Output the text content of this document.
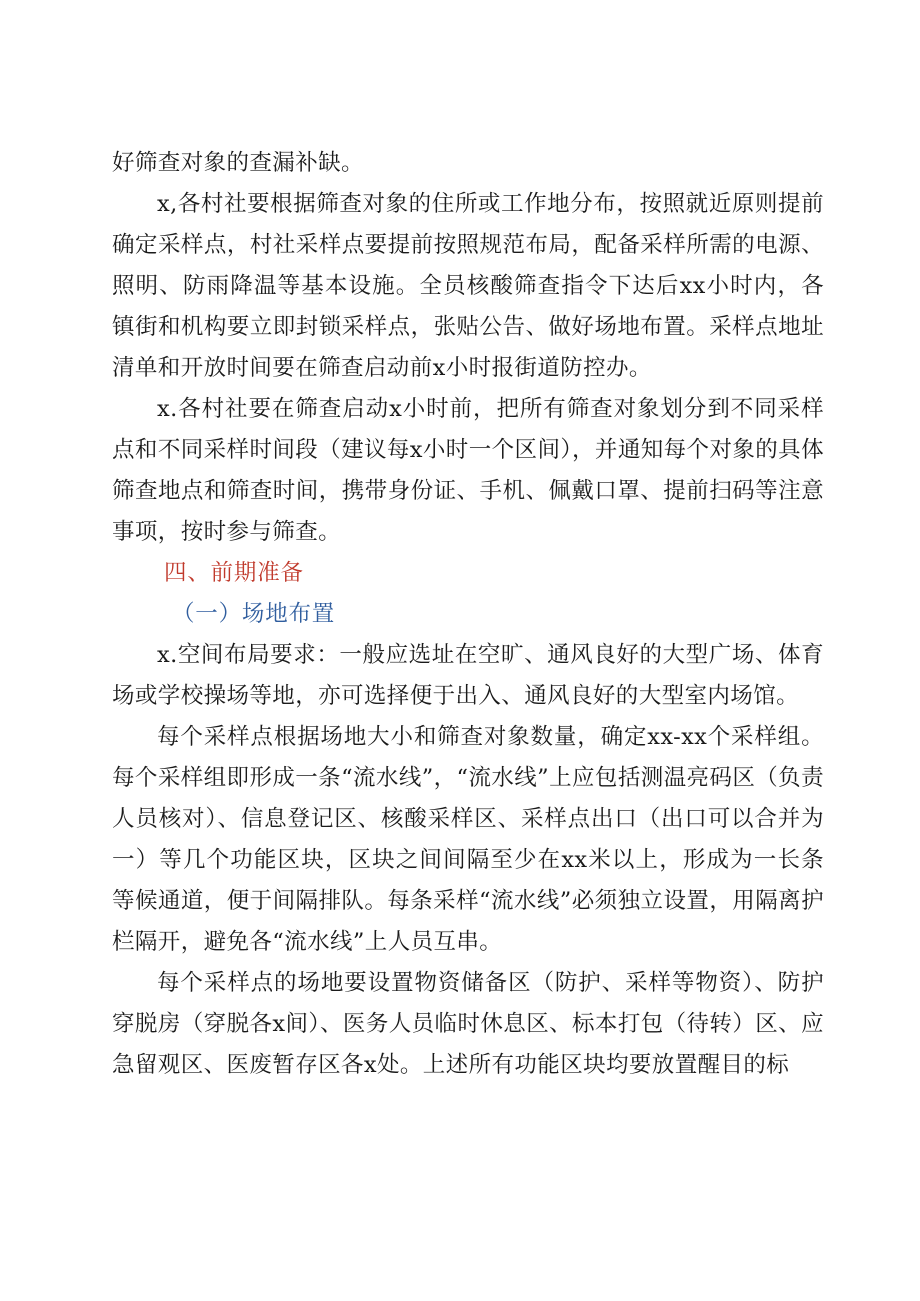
好筛查对象的查漏补缺。

x,各村社要根据筛查对象的住所或工作地分布，按照就近原则提前确定采样点，村社采样点要提前按照规范布局，配备采样所需的电源、照明、防雨降温等基本设施。全员核酸筛查指令下达后xx小时内，各镇街和机构要立即封锁采样点，张贴公告、做好场地布置。采样点地址清单和开放时间要在筛查启动前x小时报街道防控办。

x.各村社要在筛查启动x小时前，把所有筛查对象划分到不同采样点和不同采样时间段（建议每x小时一个区间），并通知每个对象的具体筛查地点和筛查时间，携带身份证、手机、佩戴口罩、提前扫码等注意事项，按时参与筛查。

四、前期准备

（一）场地布置

x.空间布局要求：一般应选址在空旷、通风良好的大型广场、体育场或学校操场等地，亦可选择便于出入、通风良好的大型室内场馆。

每个采样点根据场地大小和筛查对象数量，确定xx-xx个采样组。每个采样组即形成一条“流水线”，“流水线”上应包括测温亮码区（负责人员核对）、信息登记区、核酸采样区、采样点出口（出口可以合并为一）等几个功能区块，区块之间间隔至少在xx米以上，形成为一长条等候通道，便于间隔排队。每条采样“流水线”必须独立设置，用隔离护栏隔开，避免各“流水线”上人员互串。

每个采样点的场地要设置物资储备区（防护、采样等物资）、防护穿脱房（穿脱各x间）、医务人员临时休息区、标本打包（待转）区、应急留观区、医废暂存区各x处。上述所有功能区块均要放置醒目的标
